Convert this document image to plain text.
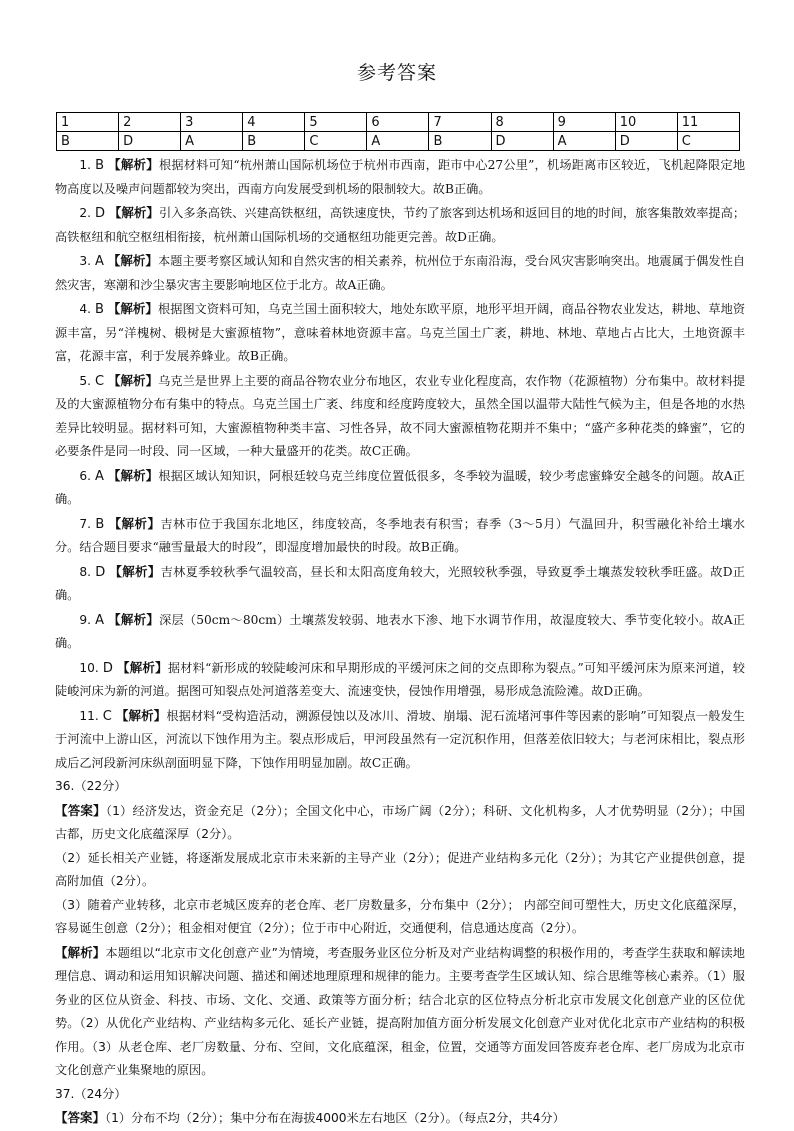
参考答案
1	2	3	4	5	6	7	8	9	10	11
B	D	A	B	C	A	B	D	A	D	C

1. B 【解析】根据材料可知“杭州萧山国际机场位于杭州市西南，距市中心27公里”，机场距离市区较近，飞机起降限定地物高度以及噪声问题都较为突出，西南方向发展受到机场的限制较大。故B正确。

2. D 【解析】引入多条高铁、兴建高铁枢纽，高铁速度快，节约了旅客到达机场和返回目的地的时间，旅客集散效率提高；高铁枢纽和航空枢纽相衔接，杭州萧山国际机场的交通枢纽功能更完善。故D正确。

3. A 【解析】本题主要考察区域认知和自然灾害的相关素养，杭州位于东南沿海，受台风灾害影响突出。地震属于偶发性自然灾害，寒潮和沙尘暴灾害主要影响地区位于北方。故A正确。

4. B 【解析】根据图文资料可知，乌克兰国土面积较大，地处东欧平原，地形平坦开阔，商品谷物农业发达，耕地、草地资源丰富，另“洋槐树、椴树是大蜜源植物”，意味着林地资源丰富。乌克兰国土广袤，耕地、林地、草地占占比大，土地资源丰富，花源丰富，利于发展养蜂业。故B正确。

5. C 【解析】乌克兰是世界上主要的商品谷物农业分布地区，农业专业化程度高，农作物（花源植物）分布集中。故材料提及的大蜜源植物分布有集中的特点。乌克兰国土广袤、纬度和经度跨度较大，虽然全国以温带大陆性气候为主，但是各地的水热差异比较明显。据材料可知，大蜜源植物种类丰富、习性各异，故不同大蜜源植物花期并不集中；“盛产多种花类的蜂蜜”，它的必要条件是同一时段、同一区域，一种大量盛开的花类。故C正确。

6. A 【解析】根据区域认知知识，阿根廷较乌克兰纬度位置低很多，冬季较为温暖，较少考虑蜜蜂安全越冬的问题。故A正确。

7. B 【解析】吉林市位于我国东北地区，纬度较高，冬季地表有积雪；春季（3～5月）气温回升，积雪融化补给土壤水分。结合题目要求“融雪量最大的时段”，即湿度增加最快的时段。故B正确。

8. D 【解析】吉林夏季较秋季气温较高，昼长和太阳高度角较大，光照较秋季强，导致夏季土壤蒸发较秋季旺盛。故D正确。

9. A 【解析】深层（50cm～80cm）土壤蒸发较弱、地表水下渗、地下水调节作用，故湿度较大、季节变化较小。故A正确。

10. D 【解析】据材料“新形成的较陡峻河床和早期形成的平缓河床之间的交点即称为裂点。”可知平缓河床为原来河道，较陡峻河床为新的河道。据图可知裂点处河道落差变大、流速变快，侵蚀作用增强，易形成急流险滩。故D正确。

11. C 【解析】根据材料“受构造活动，溯源侵蚀以及冰川、滑坡、崩塌、泥石流堵河事件等因素的影响”可知裂点一般发生于河流中上游山区，河流以下蚀作用为主。裂点形成后，甲河段虽然有一定沉积作用，但落差依旧较大；与老河床相比，裂点形成后乙河段新河床纵剖面明显下降，下蚀作用明显加剧。故C正确。

36.（22分）

【答案】（1）经济发达，资金充足（2分）；全国文化中心，市场广阔（2分）；科研、文化机构多，人才优势明显（2分）；中国古都，历史文化底蕴深厚（2分）。

（2）延长相关产业链，将逐渐发展成北京市未来新的主导产业（2分）；促进产业结构多元化（2分）；为其它产业提供创意，提高附加值（2分）。

（3）随着产业转移，北京市老城区废弃的老仓库、老厂房数量多，分布集中（2分）； 内部空间可塑性大，历史文化底蕴深厚，容易诞生创意（2分）；租金相对便宜（2分）；位于市中心附近，交通便利，信息通达度高（2分）。

【解析】本题组以“北京市文化创意产业”为情境，考查服务业区位分析及对产业结构调整的积极作用的，考查学生获取和解读地理信息、调动和运用知识解决问题、描述和阐述地理原理和规律的能力。主要考查学生区域认知、综合思维等核心素养。（1）服务业的区位从资金、科技、市场、文化、交通、政策等方面分析；结合北京的区位特点分析北京市发展文化创意产业的区位优势。（2）从优化产业结构、产业结构多元化、延长产业链，提高附加值方面分析发展文化创意产业对优化北京市产业结构的积极作用。（3）从老仓库、老厂房数量、分布、空间，文化底蕴深，租金，位置，交通等方面发回答废弃老仓库、老厂房成为北京市文化创意产业集聚地的原因。

37.（24分）

【答案】（1）分布不均（2分）；集中分布在海拔4000米左右地区（2分）。（每点2分，共4分）
